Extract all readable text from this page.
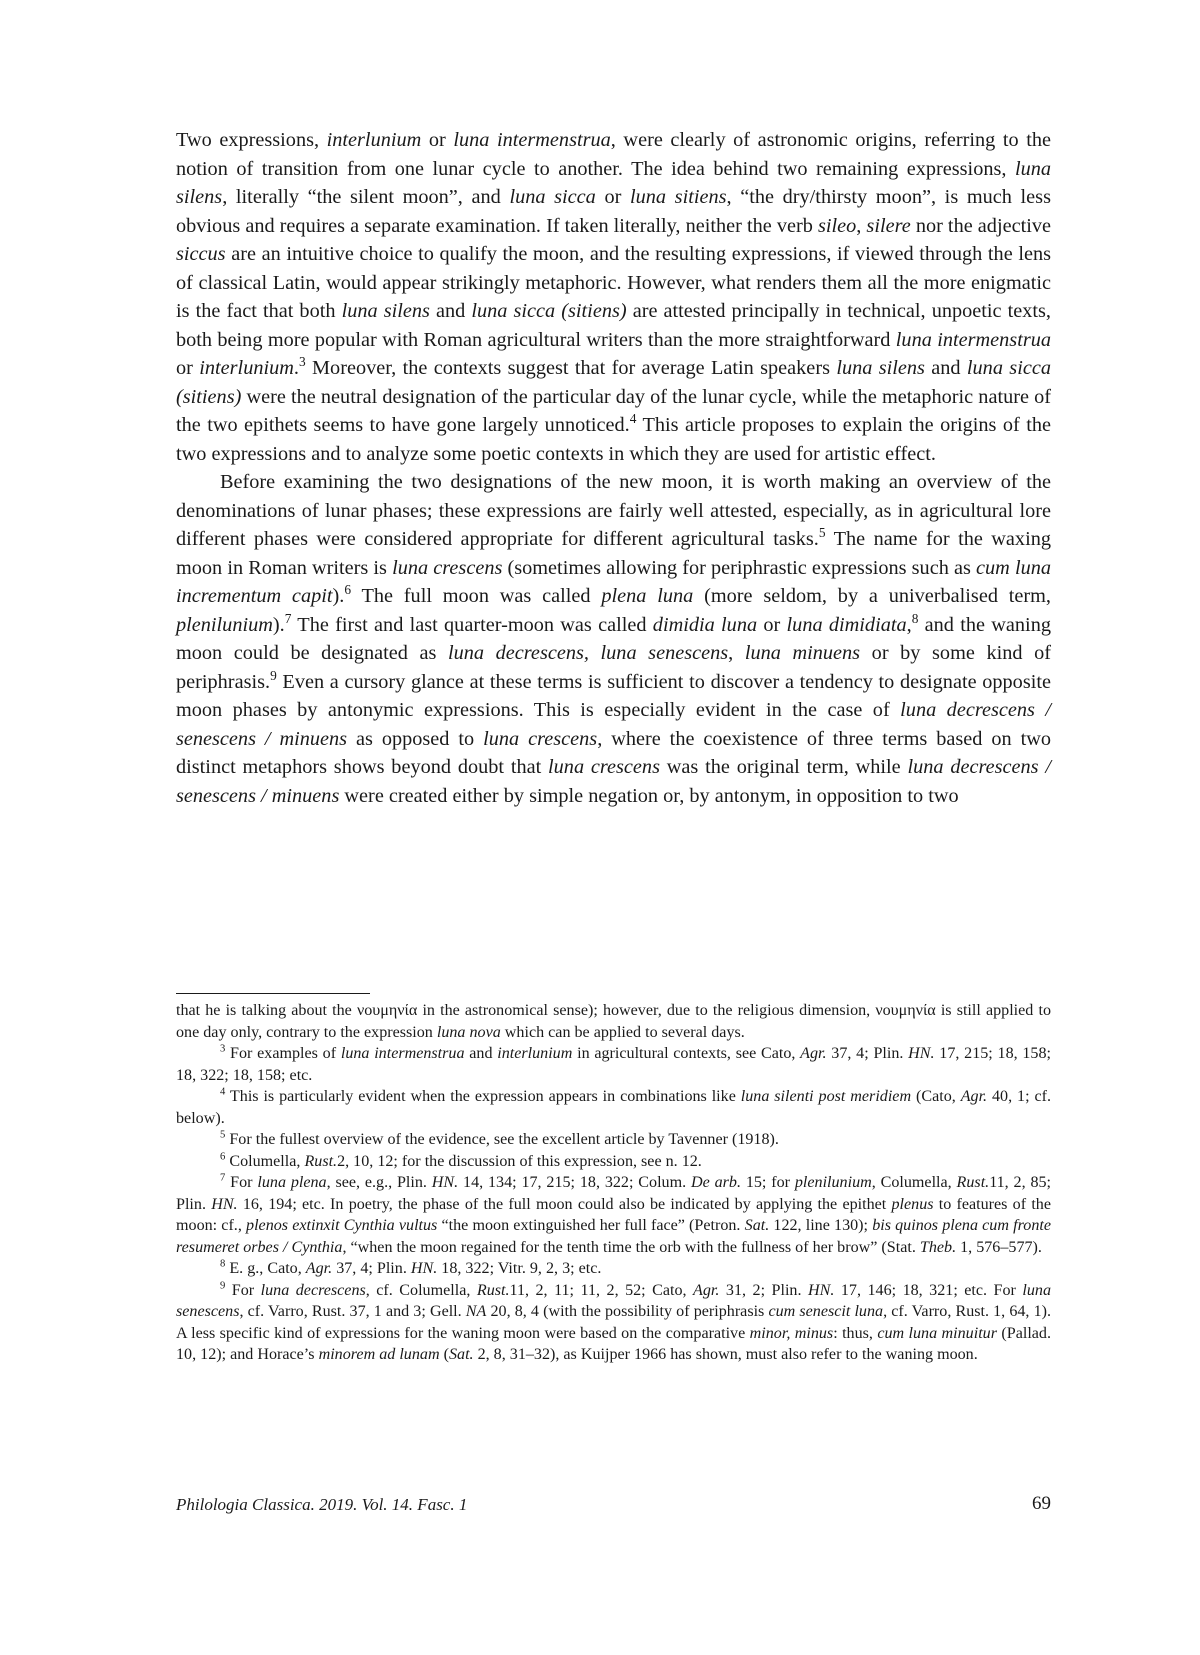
Two expressions, interlunium or luna intermenstrua, were clearly of astronomic origins, referring to the notion of transition from one lunar cycle to another. The idea behind two remaining expressions, luna silens, literally “the silent moon”, and luna sicca or luna sitiens, “the dry/thirsty moon”, is much less obvious and requires a separate examination. If taken literally, neither the verb sileo, silere nor the adjective siccus are an intuitive choice to qualify the moon, and the resulting expressions, if viewed through the lens of classical Latin, would appear strikingly metaphoric. However, what renders them all the more enigmatic is the fact that both luna silens and luna sicca (sitiens) are attested principally in technical, unpoetic texts, both being more popular with Roman agricultural writers than the more straightforward luna intermenstrua or interlunium.$^3$ Moreover, the contexts suggest that for average Latin speakers luna silens and luna sicca (sitiens) were the neutral designation of the particular day of the lunar cycle, while the metaphoric nature of the two epithets seems to have gone largely unnoticed.$^4$ This article proposes to explain the origins of the two expressions and to analyze some poetic contexts in which they are used for artistic effect.

Before examining the two designations of the new moon, it is worth making an overview of the denominations of lunar phases; these expressions are fairly well attested, especially, as in agricultural lore different phases were considered appropriate for different agricultural tasks.$^5$ The name for the waxing moon in Roman writers is luna crescens (sometimes allowing for periphrastic expressions such as cum luna incrementum capit).$^6$ The full moon was called plena luna (more seldom, by a univerbalised term, plenilunium).$^7$ The first and last quarter-moon was called dimidia luna or luna dimidiata,$^8$ and the waning moon could be designated as luna decrescens, luna senescens, luna minuens or by some kind of periphrasis.$^9$ Even a cursory glance at these terms is sufficient to discover a tendency to designate opposite moon phases by antonymic expressions. This is especially evident in the case of luna decrescens / senescens / minuens as opposed to luna crescens, where the coexistence of three terms based on two distinct metaphors shows beyond doubt that luna crescens was the original term, while luna decrescens / senescens / minuens were created either by simple negation or, by antonym, in opposition to two

that he is talking about the νουμηνία in the astronomical sense); however, due to the religious dimension, νουμηνία is still applied to one day only, contrary to the expression luna nova which can be applied to several days.

$^3$ For examples of luna intermenstrua and interlunium in agricultural contexts, see Cato, Agr. 37, 4; Plin. HN. 17, 215; 18, 158; 18, 322; 18, 158; etc.

$^4$ This is particularly evident when the expression appears in combinations like luna silenti post meridiem (Cato, Agr. 40, 1; cf. below).

$^5$ For the fullest overview of the evidence, see the excellent article by Tavenner (1918).

$^6$ Columella, Rust.2, 10, 12; for the discussion of this expression, see n. 12.

$^7$ For luna plena, see, e.g., Plin. HN. 14, 134; 17, 215; 18, 322; Colum. De arb. 15; for plenilunium, Columella, Rust.11, 2, 85; Plin. HN. 16, 194; etc. In poetry, the phase of the full moon could also be indicated by applying the epithet plenus to features of the moon: cf., plenos extinxit Cynthia vultus “the moon extinguished her full face” (Petron. Sat. 122, line 130); bis quinos plena cum fronte resumeret orbes / Cynthia, “when the moon regained for the tenth time the orb with the fullness of her brow” (Stat. Theb. 1, 576–577).

$^8$ E. g., Cato, Agr. 37, 4; Plin. HN. 18, 322; Vitr. 9, 2, 3; etc.

$^9$ For luna decrescens, cf. Columella, Rust.11, 2, 11; 11, 2, 52; Cato, Agr. 31, 2; Plin. HN. 17, 146; 18, 321; etc. For luna senescens, cf. Varro, Rust. 37, 1 and 3; Gell. NA 20, 8, 4 (with the possibility of periphrasis cum senescit luna, cf. Varro, Rust. 1, 64, 1). A less specific kind of expressions for the waning moon were based on the comparative minor, minus: thus, cum luna minuitur (Pallad. 10, 12); and Horace’s minorem ad lunam (Sat. 2, 8, 31–32), as Kuijper 1966 has shown, must also refer to the waning moon.

Philologia Classica. 2019. Vol. 14. Fasc. 1	69
